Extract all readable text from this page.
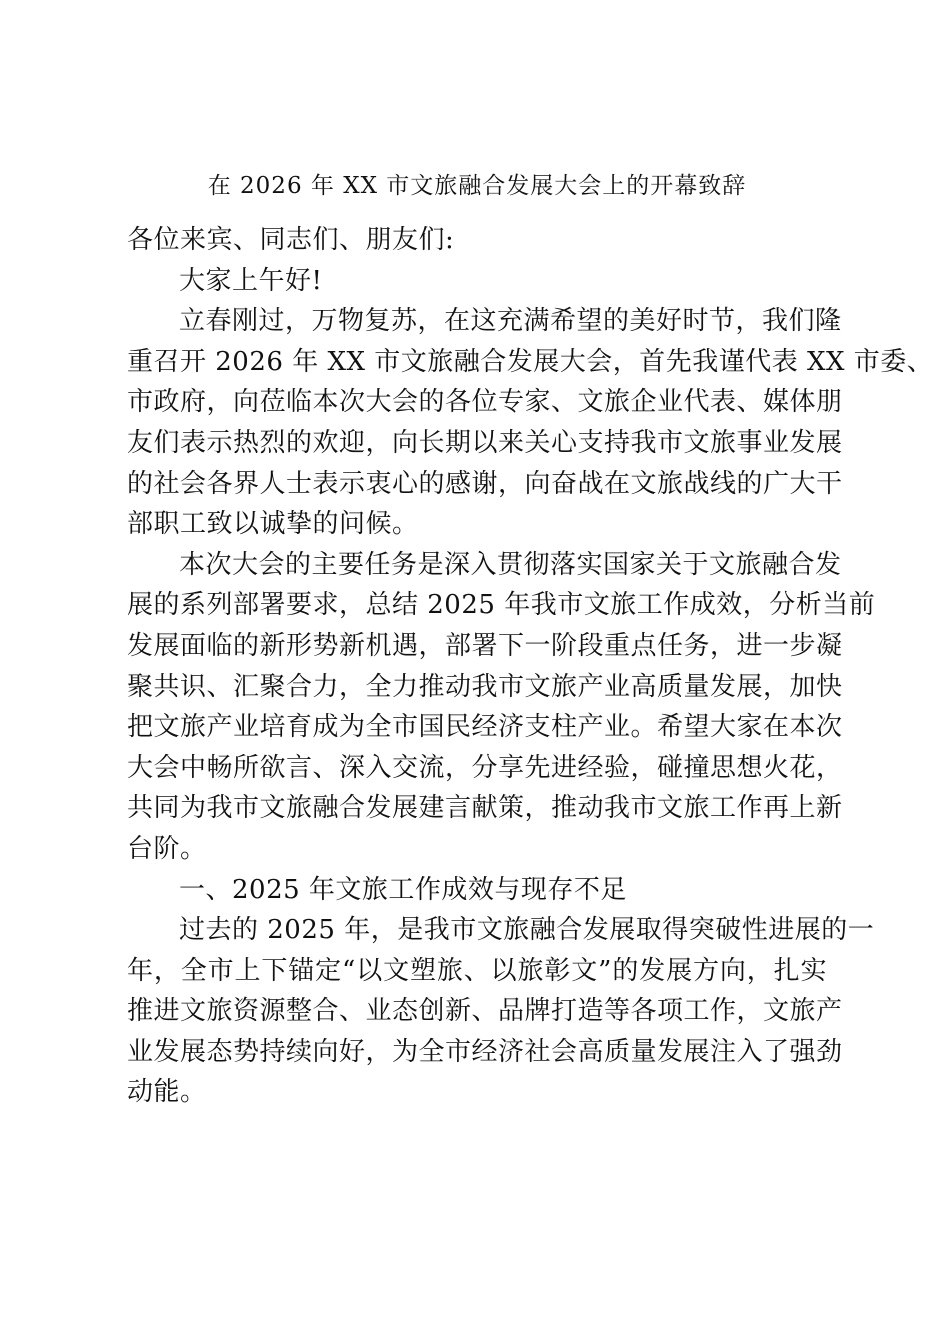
在 2026 年 XX 市文旅融合发展大会上的开幕致辞
各位来宾、同志们、朋友们:
大家上午好!
立春刚过，万物复苏，在这充满希望的美好时节，我们隆
重召开 2026 年 XX 市文旅融合发展大会，首先我谨代表 XX 市委、
市政府，向莅临本次大会的各位专家、文旅企业代表、媒体朋
友们表示热烈的欢迎，向长期以来关心支持我市文旅事业发展
的社会各界人士表示衷心的感谢，向奋战在文旅战线的广大干
部职工致以诚挚的问候。
本次大会的主要任务是深入贯彻落实国家关于文旅融合发
展的系列部署要求，总结 2025 年我市文旅工作成效，分析当前
发展面临的新形势新机遇，部署下一阶段重点任务，进一步凝
聚共识、汇聚合力，全力推动我市文旅产业高质量发展，加快
把文旅产业培育成为全市国民经济支柱产业。希望大家在本次
大会中畅所欲言、深入交流，分享先进经验，碰撞思想火花，
共同为我市文旅融合发展建言献策，推动我市文旅工作再上新
台阶。
一、2025 年文旅工作成效与现存不足
过去的 2025 年，是我市文旅融合发展取得突破性进展的一
年，全市上下锚定“以文塑旅、以旅彰文”的发展方向，扎实
推进文旅资源整合、业态创新、品牌打造等各项工作，文旅产
业发展态势持续向好，为全市经济社会高质量发展注入了强劲
动能。
